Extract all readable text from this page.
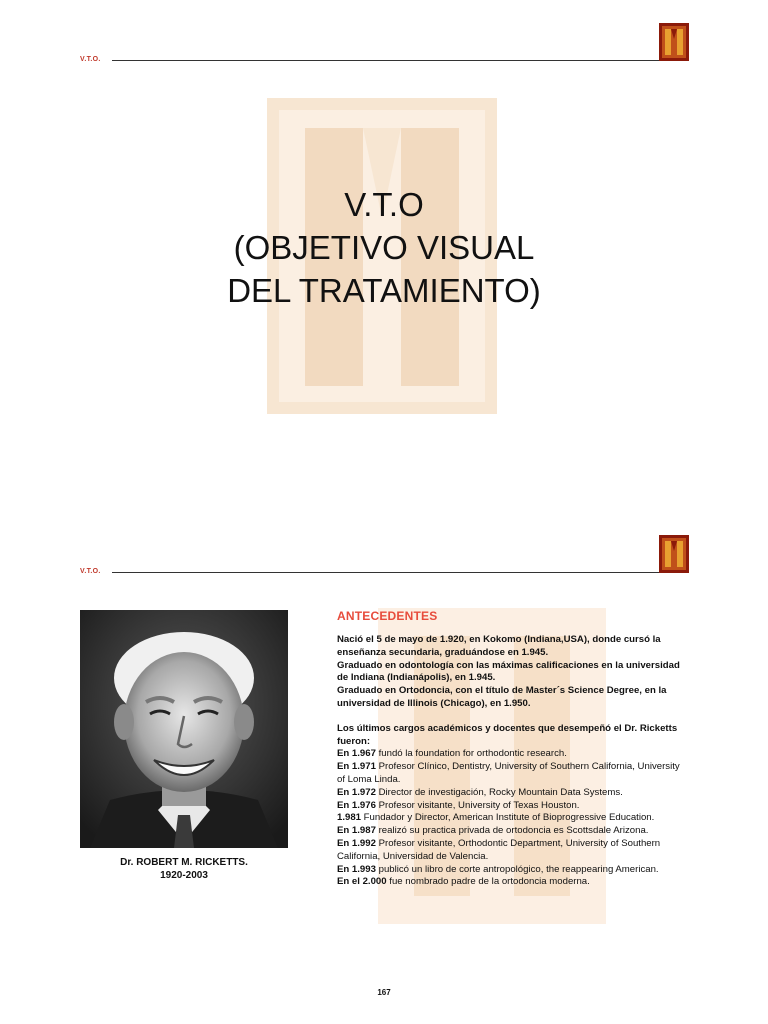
V.T.O.
V.T.O
(OBJETIVO VISUAL
DEL TRATAMIENTO)
V.T.O.
Dr. ROBERT M. RICKETTS.
1920-2003
ANTECEDENTES

Nació el 5 de mayo de 1.920, en Kokomo (Indiana,USA), donde cursó la enseñanza secundaria, graduándose en 1.945.

Graduado en odontología con las máximas calificaciones en la universidad de Indiana (Indianápolis), en 1.945.

Graduado en Ortodoncia, con el título de Master´s Science Degree, en la universidad de Illinois (Chicago), en 1.950.

Los últimos cargos académicos y docentes que desempeñó el Dr. Ricketts fueron:

En 1.967 fundó la foundation for orthodontic research.

En 1.971 Profesor Clínico, Dentistry, University of Southern California, University of Loma Linda.

En 1.972 Director de investigación, Rocky Mountain Data Systems.

En 1.976 Profesor visitante, University of Texas Houston.

1.981 Fundador y Director, American Institute of Bioprogressive Education.

En 1.987 realizó su practica privada de ortodoncia es Scottsdale Arizona.

En 1.992 Profesor visitante, Orthodontic Department, University of Southern California, Universidad de Valencia.

En 1.993 publicó un libro de corte antropológico, the reappearing American.

En el 2.000 fue nombrado padre de la ortodoncia moderna.

167
